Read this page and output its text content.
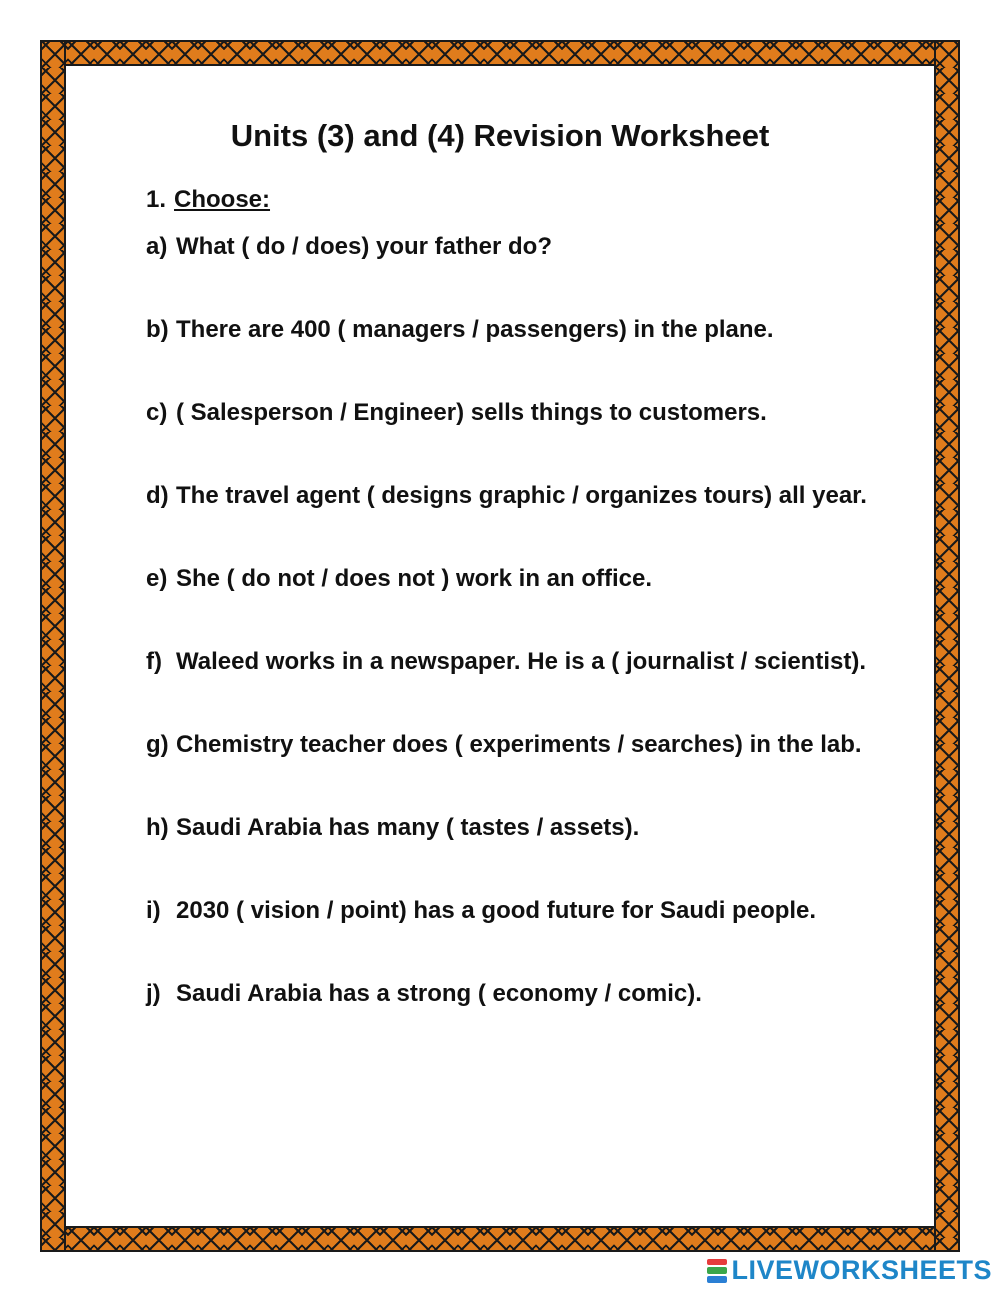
Units (3) and (4) Revision Worksheet
1. Choose:
a) What ( do / does) your father do?
b) There are 400 ( managers / passengers) in the plane.
c) ( Salesperson / Engineer) sells things to customers.
d) The travel agent ( designs graphic / organizes tours) all year.
e) She ( do not / does not ) work in an office.
f) Waleed works in a newspaper. He is a ( journalist / scientist).
g) Chemistry teacher does ( experiments / searches) in the lab.
h) Saudi Arabia has many ( tastes / assets).
i) 2030 ( vision / point) has a good future for Saudi people.
j) Saudi Arabia has a strong ( economy / comic).
LIVEWORKSHEETS
